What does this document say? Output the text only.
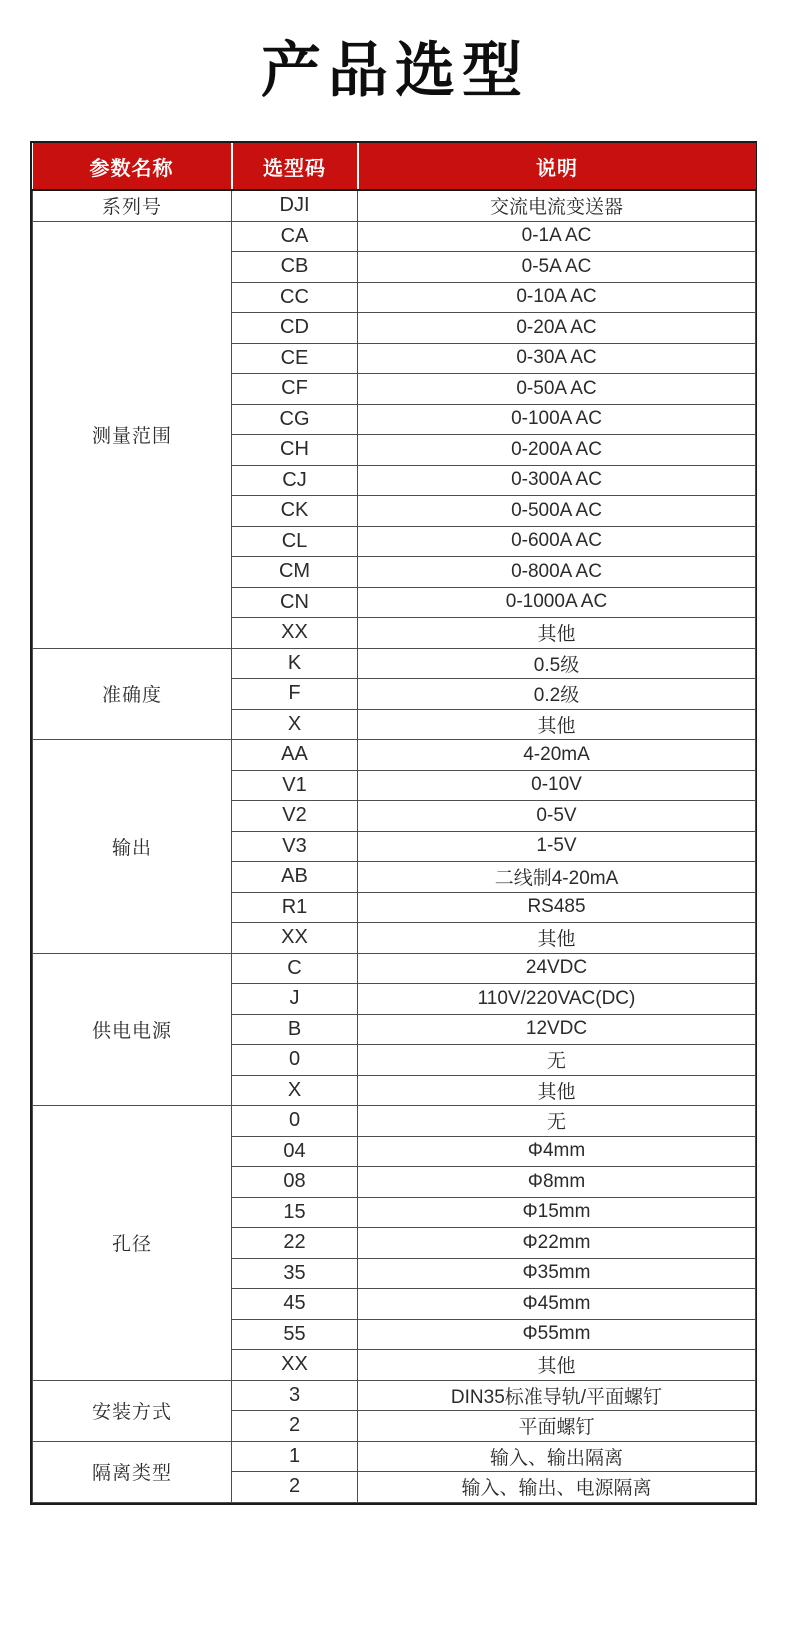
产品选型
参数名称	选型码	说明
系列号	DJI	交流电流变送器
测量范围	CA	0-1A AC
	CB	0-5A AC
	CC	0-10A AC
	CD	0-20A AC
	CE	0-30A AC
	CF	0-50A AC
	CG	0-100A AC
	CH	0-200A AC
	CJ	0-300A AC
	CK	0-500A AC
	CL	0-600A AC
	CM	0-800A AC
	CN	0-1000A AC
	XX	其他
准确度	K	0.5级
	F	0.2级
	X	其他
输出	AA	4-20mA
	V1	0-10V
	V2	0-5V
	V3	1-5V
	AB	二线制4-20mA
	R1	RS485
	XX	其他
供电电源	C	24VDC
	J	110V/220VAC(DC)
	B	12VDC
	0	无
	X	其他
孔径	0	无
	04	Φ4mm
	08	Φ8mm
	15	Φ15mm
	22	Φ22mm
	35	Φ35mm
	45	Φ45mm
	55	Φ55mm
	XX	其他
安装方式	3	DIN35标准导轨/平面螺钉
	2	平面螺钉
隔离类型	1	输入、输出隔离
	2	输入、输出、电源隔离
